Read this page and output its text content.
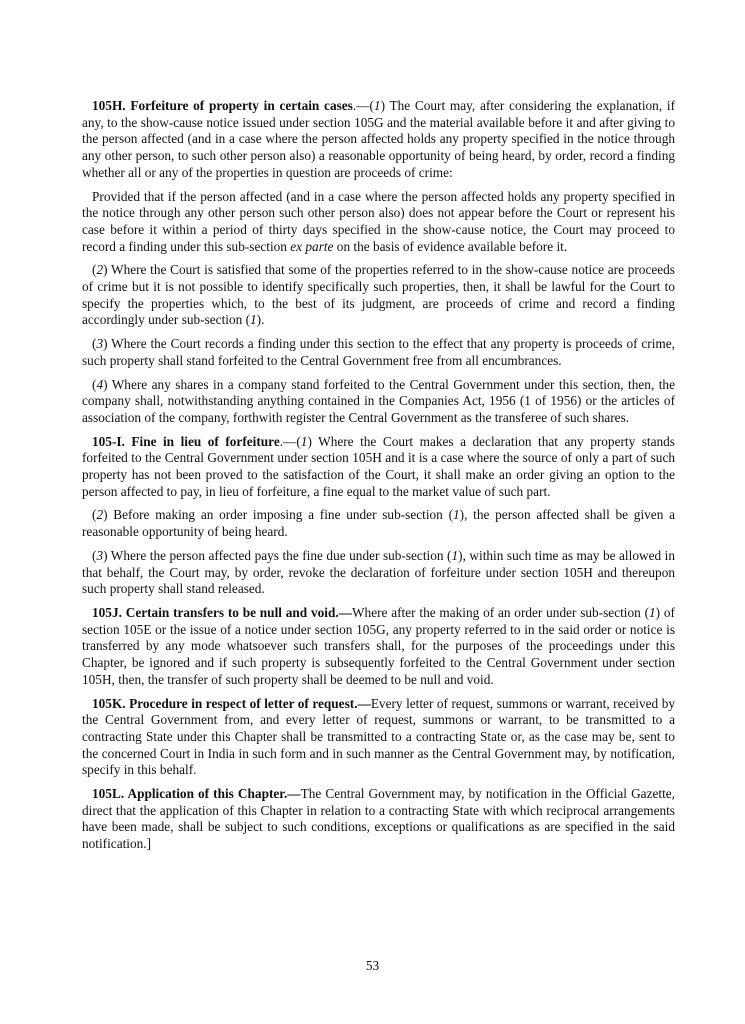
105H. Forfeiture of property in certain cases.—(1) The Court may, after considering the explanation, if any, to the show-cause notice issued under section 105G and the material available before it and after giving to the person affected (and in a case where the person affected holds any property specified in the notice through any other person, to such other person also) a reasonable opportunity of being heard, by order, record a finding whether all or any of the properties in question are proceeds of crime:

Provided that if the person affected (and in a case where the person affected holds any property specified in the notice through any other person such other person also) does not appear before the Court or represent his case before it within a period of thirty days specified in the show-cause notice, the Court may proceed to record a finding under this sub-section ex parte on the basis of evidence available before it.

(2) Where the Court is satisfied that some of the properties referred to in the show-cause notice are proceeds of crime but it is not possible to identify specifically such properties, then, it shall be lawful for the Court to specify the properties which, to the best of its judgment, are proceeds of crime and record a finding accordingly under sub-section (1).

(3) Where the Court records a finding under this section to the effect that any property is proceeds of crime, such property shall stand forfeited to the Central Government free from all encumbrances.

(4) Where any shares in a company stand forfeited to the Central Government under this section, then, the company shall, notwithstanding anything contained in the Companies Act, 1956 (1 of 1956) or the articles of association of the company, forthwith register the Central Government as the transferee of such shares.

105-I. Fine in lieu of forfeiture.—(1) Where the Court makes a declaration that any property stands forfeited to the Central Government under section 105H and it is a case where the source of only a part of such property has not been proved to the satisfaction of the Court, it shall make an order giving an option to the person affected to pay, in lieu of forfeiture, a fine equal to the market value of such part.

(2) Before making an order imposing a fine under sub-section (1), the person affected shall be given a reasonable opportunity of being heard.

(3) Where the person affected pays the fine due under sub-section (1), within such time as may be allowed in that behalf, the Court may, by order, revoke the declaration of forfeiture under section 105H and thereupon such property shall stand released.

105J. Certain transfers to be null and void.—Where after the making of an order under sub-section (1) of section 105E or the issue of a notice under section 105G, any property referred to in the said order or notice is transferred by any mode whatsoever such transfers shall, for the purposes of the proceedings under this Chapter, be ignored and if such property is subsequently forfeited to the Central Government under section 105H, then, the transfer of such property shall be deemed to be null and void.

105K. Procedure in respect of letter of request.—Every letter of request, summons or warrant, received by the Central Government from, and every letter of request, summons or warrant, to be transmitted to a contracting State under this Chapter shall be transmitted to a contracting State or, as the case may be, sent to the concerned Court in India in such form and in such manner as the Central Government may, by notification, specify in this behalf.

105L. Application of this Chapter.—The Central Government may, by notification in the Official Gazette, direct that the application of this Chapter in relation to a contracting State with which reciprocal arrangements have been made, shall be subject to such conditions, exceptions or qualifications as are specified in the said notification.]

53
